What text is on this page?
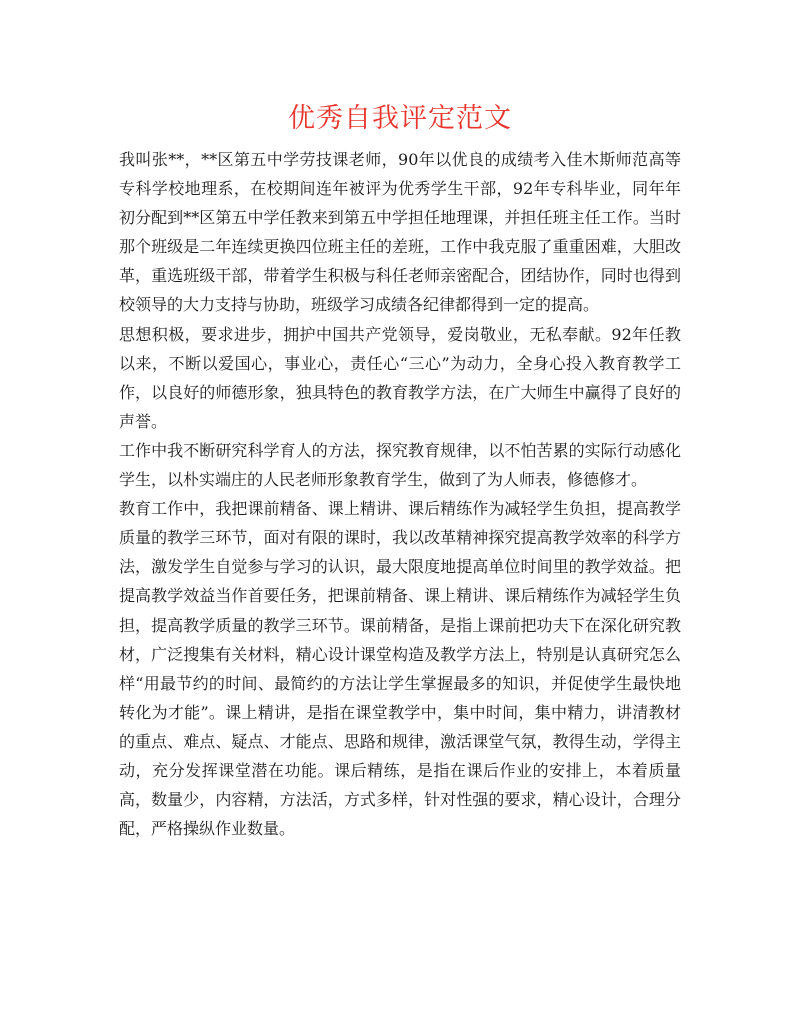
优秀自我评定范文

我叫张**，**区第五中学劳技课老师，90年以优良的成绩考入佳木斯师范高等专科学校地理系，在校期间连年被评为优秀学生干部，92年专科毕业，同年年初分配到**区第五中学任教来到第五中学担任地理课，并担任班主任工作。当时那个班级是二年连续更换四位班主任的差班，工作中我克服了重重困难，大胆改革，重选班级干部，带着学生积极与科任老师亲密配合，团结协作，同时也得到校领导的大力支持与协助，班级学习成绩各纪律都得到一定的提高。

思想积极，要求进步，拥护中国共产党领导，爱岗敬业，无私奉献。92年任教以来，不断以爱国心，事业心，责任心“三心”为动力，全身心投入教育教学工作，以良好的师德形象，独具特色的教育教学方法，在广大师生中赢得了良好的声誉。

工作中我不断研究科学育人的方法，探究教育规律，以不怕苦累的实际行动感化学生，以朴实端庄的人民老师形象教育学生，做到了为人师表，修德修才。

教育工作中，我把课前精备、课上精讲、课后精练作为减轻学生负担，提高教学质量的教学三环节，面对有限的课时，我以改革精神探究提高教学效率的科学方法，激发学生自觉参与学习的认识，最大限度地提高单位时间里的教学效益。把提高教学效益当作首要任务，把课前精备、课上精讲、课后精练作为减轻学生负担，提高教学质量的教学三环节。课前精备，是指上课前把功夫下在深化研究教材，广泛搜集有关材料，精心设计课堂构造及教学方法上，特别是认真研究怎么样“用最节约的时间、最简约的方法让学生掌握最多的知识，并促使学生最快地转化为才能”。课上精讲，是指在课堂教学中，集中时间，集中精力，讲清教材的重点、难点、疑点、才能点、思路和规律，激活课堂气氛，教得生动，学得主动，充分发挥课堂潜在功能。课后精练，是指在课后作业的安排上，本着质量高，数量少，内容精，方法活，方式多样，针对性强的要求，精心设计，合理分配，严格操纵作业数量。
